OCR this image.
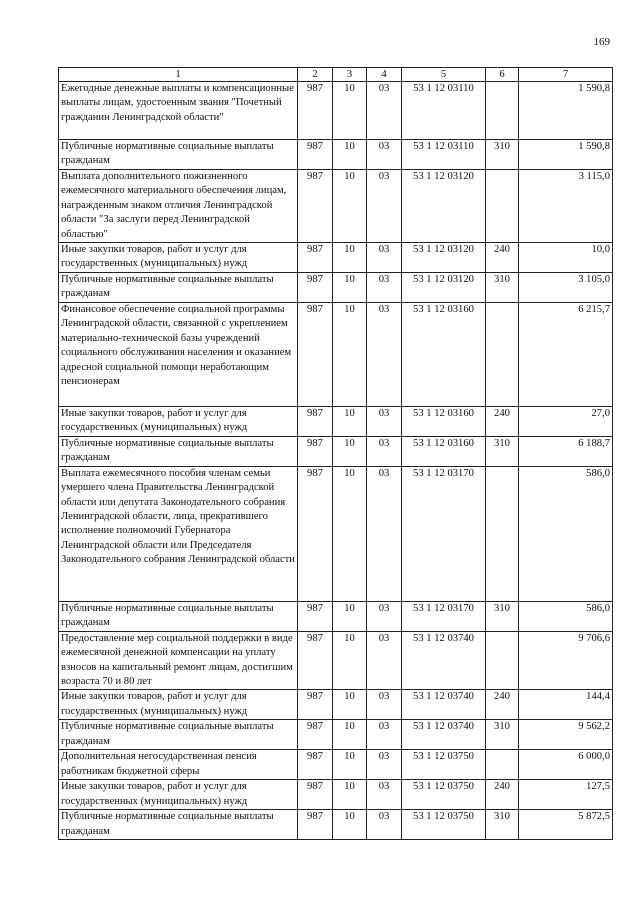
169
1	2	3	4	5	6	7
Ежегодные денежные выплаты и компенсационные выплаты лицам, удостоенным звания "Почетный гражданин Ленинградской области"	987	10	03	53 1 12 03110		1 590,8
Публичные нормативные социальные выплаты гражданам	987	10	03	53 1 12 03110	310	1 590,8
Выплата дополнительного пожизненного ежемесячного материального обеспечения лицам, награжденным знаком отличия Ленинградской области "За заслуги перед Ленинградской областью"	987	10	03	53 1 12 03120		3 115,0
Иные закупки товаров, работ и услуг для государственных (муниципальных) нужд	987	10	03	53 1 12 03120	240	10,0
Публичные нормативные социальные выплаты гражданам	987	10	03	53 1 12 03120	310	3 105,0
Финансовое обеспечение социальной программы Ленинградской области, связанной с укреплением материально-технической базы учреждений социального обслуживания населения и оказанием адресной социальной помощи неработающим пенсионерам	987	10	03	53 1 12 03160		6 215,7
Иные закупки товаров, работ и услуг для государственных (муниципальных) нужд	987	10	03	53 1 12 03160	240	27,0
Публичные нормативные социальные выплаты гражданам	987	10	03	53 1 12 03160	310	6 188,7
Выплата ежемесячного пособия членам семьи умершего члена Правительства Ленинградской области или депутата Законодательного собрания Ленинградской области, лица, прекратившего исполнение полномочий Губернатора Ленинградской области или Председателя Законодательного собрания Ленинградской области	987	10	03	53 1 12 03170		586,0
Публичные нормативные социальные выплаты гражданам	987	10	03	53 1 12 03170	310	586,0
Предоставление мер социальной поддержки в виде ежемесячной денежной компенсации на уплату взносов на капитальный ремонт лицам, достигшим возраста 70 и 80 лет	987	10	03	53 1 12 03740		9 706,6
Иные закупки товаров, работ и услуг для государственных (муниципальных) нужд	987	10	03	53 1 12 03740	240	144,4
Публичные нормативные социальные выплаты гражданам	987	10	03	53 1 12 03740	310	9 562,2
Дополнительная негосударственная пенсия работникам бюджетной сферы	987	10	03	53 1 12 03750		6 000,0
Иные закупки товаров, работ и услуг для государственных (муниципальных) нужд	987	10	03	53 1 12 03750	240	127,5
Публичные нормативные социальные выплаты гражданам	987	10	03	53 1 12 03750	310	5 872,5
